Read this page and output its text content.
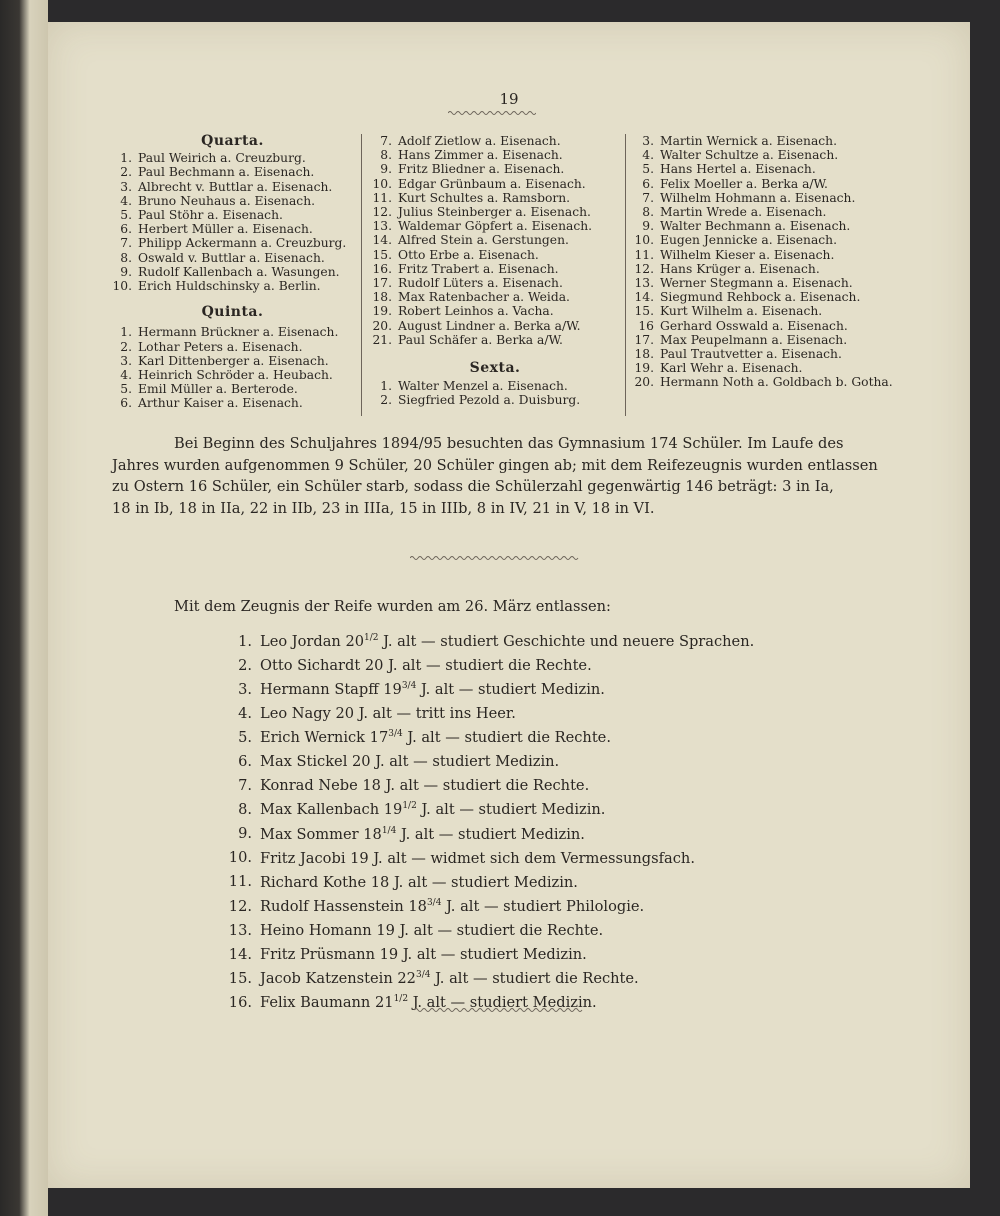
19
Quarta.
1. Paul Weirich a. Creuzburg.
2. Paul Bechmann a. Eisenach.
3. Albrecht v. Buttlar a. Eisenach.
4. Bruno Neuhaus a. Eisenach.
5. Paul Stöhr a. Eisenach.
6. Herbert Müller a. Eisenach.
7. Philipp Ackermann a. Creuzburg.
8. Oswald v. Buttlar a. Eisenach.
9. Rudolf Kallenbach a. Wasungen.
10. Erich Huldschinsky a. Berlin.
Quinta.
1. Hermann Brückner a. Eisenach.
2. Lothar Peters a. Eisenach.
3. Karl Dittenberger a. Eisenach.
4. Heinrich Schröder a. Heubach.
5. Emil Müller a. Berterode.
6. Arthur Kaiser a. Eisenach.
7. Adolf Zietlow a. Eisenach.
8. Hans Zimmer a. Eisenach.
9. Fritz Bliedner a. Eisenach.
10. Edgar Grünbaum a. Eisenach.
11. Kurt Schultes a. Ramsborn.
12. Julius Steinberger a. Eisenach.
13. Waldemar Göpfert a. Eisenach.
14. Alfred Stein a. Gerstungen.
15. Otto Erbe a. Eisenach.
16. Fritz Trabert a. Eisenach.
17. Rudolf Lüters a. Eisenach.
18. Max Ratenbacher a. Weida.
19. Robert Leinhos a. Vacha.
20. August Lindner a. Berka a/W.
21. Paul Schäfer a. Berka a/W.
Sexta.
1. Walter Menzel a. Eisenach.
2. Siegfried Pezold a. Duisburg.
3. Martin Wernick a. Eisenach.
4. Walter Schultze a. Eisenach.
5. Hans Hertel a. Eisenach.
6. Felix Moeller a. Berka a/W.
7. Wilhelm Hohmann a. Eisenach.
8. Martin Wrede a. Eisenach.
9. Walter Bechmann a. Eisenach.
10. Eugen Jennicke a. Eisenach.
11. Wilhelm Kieser a. Eisenach.
12. Hans Krüger a. Eisenach.
13. Werner Stegmann a. Eisenach.
14. Siegmund Rehbock a. Eisenach.
15. Kurt Wilhelm a. Eisenach.
16 Gerhard Osswald a. Eisenach.
17. Max Peupelmann a. Eisenach.
18. Paul Trautvetter a. Eisenach.
19. Karl Wehr a. Eisenach.
20. Hermann Noth a. Goldbach b. Gotha.
Bei Beginn des Schuljahres 1894/95 besuchten das Gymnasium 174 Schüler. Im Laufe des
Jahres wurden aufgenommen 9 Schüler, 20 Schüler gingen ab; mit dem Reifezeugnis wurden entlassen
zu Ostern 16 Schüler, ein Schüler starb, sodass die Schülerzahl gegenwärtig 146 beträgt: 3 in Ia,
18 in Ib, 18 in IIa, 22 in IIb, 23 in IIIa, 15 in IIIb, 8 in IV, 21 in V, 18 in VI.
Mit dem Zeugnis der Reife wurden am 26. März entlassen:
1. Leo Jordan $20^{1/2}$ J. alt — studiert Geschichte und neuere Sprachen.
2. Otto Sichardt 20 J. alt — studiert die Rechte.
3. Hermann Stapff $19^{3/4}$ J. alt — studiert Medizin.
4. Leo Nagy 20 J. alt — tritt ins Heer.
5. Erich Wernick $17^{3/4}$ J. alt — studiert die Rechte.
6. Max Stickel 20 J. alt — studiert Medizin.
7. Konrad Nebe 18 J. alt — studiert die Rechte.
8. Max Kallenbach $19^{1/2}$ J. alt — studiert Medizin.
9. Max Sommer $18^{1/4}$ J. alt — studiert Medizin.
10. Fritz Jacobi 19 J. alt — widmet sich dem Vermessungsfach.
11. Richard Kothe 18 J. alt — studiert Medizin.
12. Rudolf Hassenstein $18^{3/4}$ J. alt — studiert Philologie.
13. Heino Homann 19 J. alt — studiert die Rechte.
14. Fritz Prüsmann 19 J. alt — studiert Medizin.
15. Jacob Katzenstein $22^{3/4}$ J. alt — studiert die Rechte.
16. Felix Baumann $21^{1/2}$ J. alt — studiert Medizin.
